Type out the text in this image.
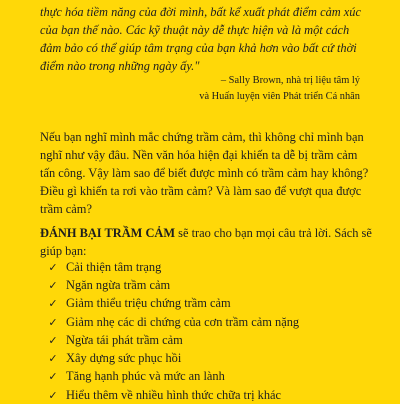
thực hóa tiềm năng của đời mình, bất kể xuất phát điểm cảm xúc
của bạn thế nào. Các kỹ thuật này dễ thực hiện và là một cách
đảm bảo có thể giúp tâm trạng của bạn khả hơn vào bất cứ thời
điểm nào trong những ngày ấy."

– Sally Brown, nhà trị liệu tâm lý
và Huấn luyện viên Phát triển Cá nhân

Nếu bạn nghĩ mình mắc chứng trầm cảm, thì không chỉ mình bạn
nghĩ như vậy đâu. Nền văn hóa hiện đại khiến ta dễ bị trầm cảm
tấn công. Vậy làm sao để biết được mình có trầm cảm hay không?
Điều gì khiến ta rơi vào trầm cảm? Và làm sao để vượt qua được
trầm cảm?

ĐÁNH BẠI TRẦM CẢM sẽ trao cho bạn mọi câu trả lời. Sách sẽ
giúp bạn:

✓ Cải thiện tâm trạng
✓ Ngăn ngừa trầm cảm
✓ Giảm thiểu triệu chứng trầm cảm
✓ Giảm nhẹ các di chứng của cơn trầm cảm nặng
✓ Ngừa tái phát trầm cảm
✓ Xây dựng sức phục hồi
✓ Tăng hạnh phúc và mức an lành
✓ Hiểu thêm về nhiều hình thức chữa trị khác
